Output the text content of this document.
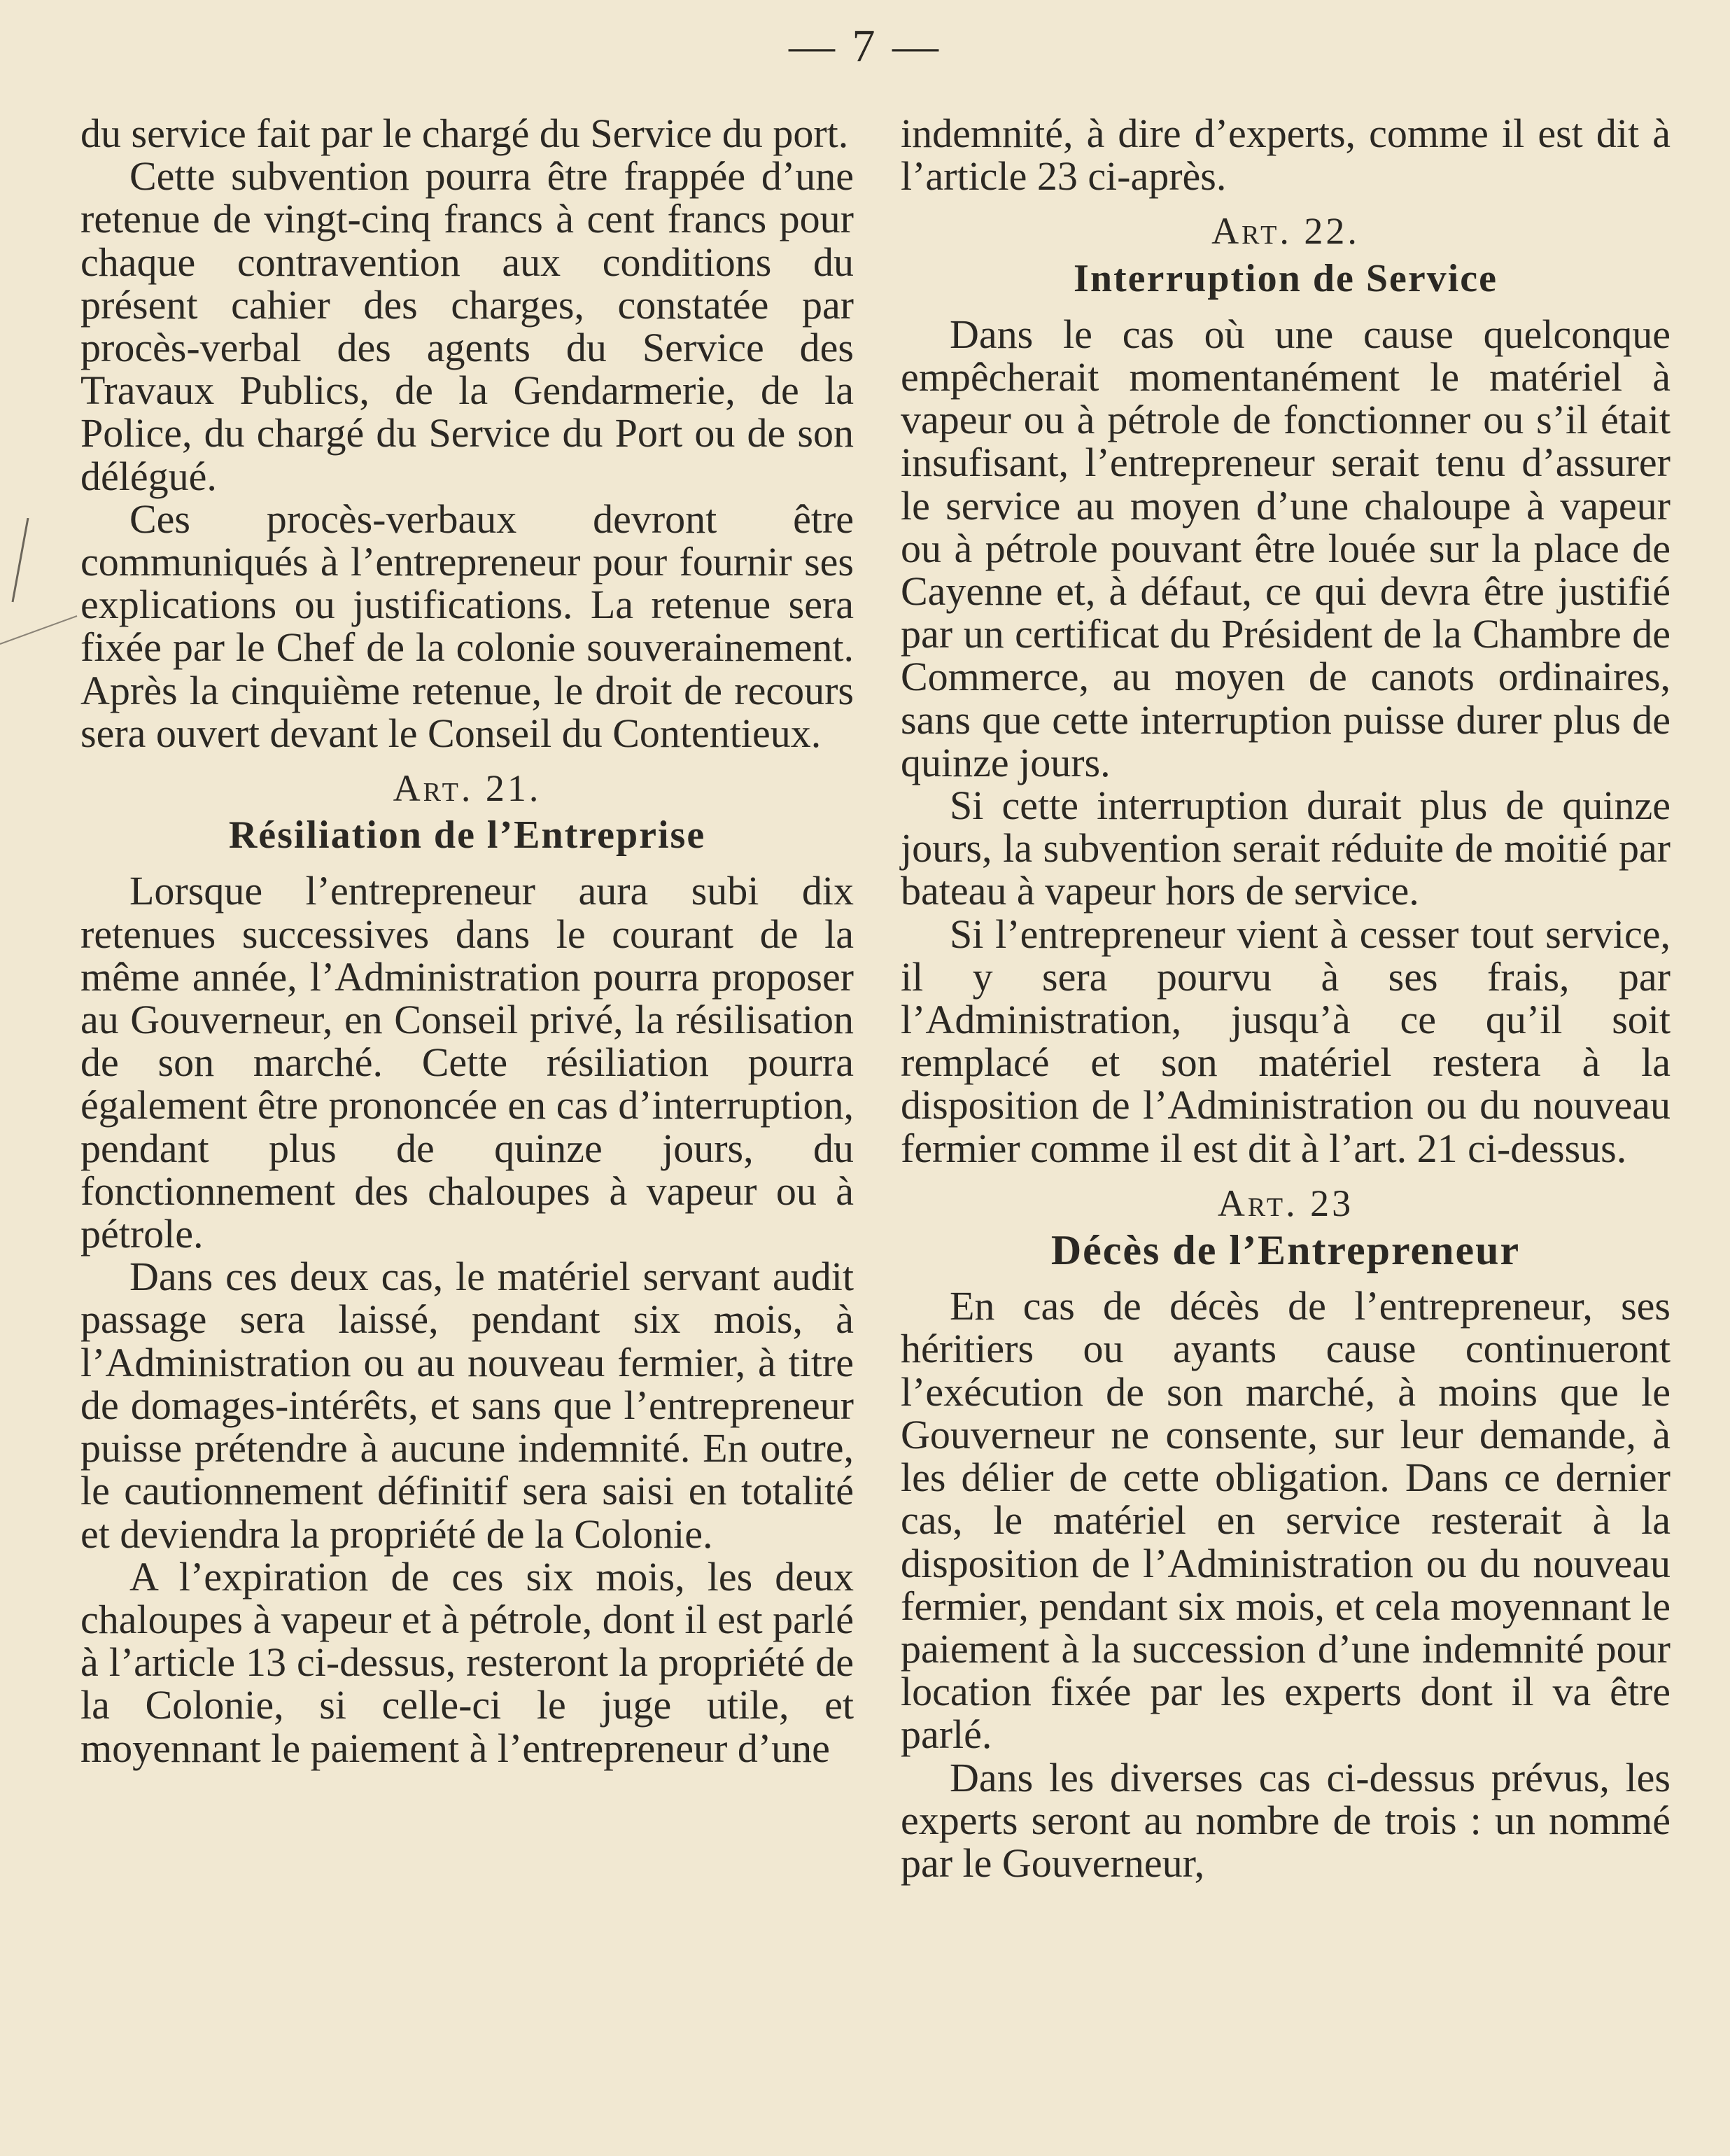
— 7 —

du service fait par le chargé du Service du port.

Cette subvention pourra être frappée d’une retenue de vingt-cinq francs à cent francs pour chaque contravention aux conditions du présent cahier des charges, constatée par procès-verbal des agents du Service des Travaux Publics, de la Gendarmerie, de la Police, du chargé du Service du Port ou de son délégué.

Ces procès-verbaux devront être communiqués à l’entrepreneur pour fournir ses explications ou justifications. La retenue sera fixée par le Chef de la colonie souverainement. Après la cinquième retenue, le droit de recours sera ouvert devant le Conseil du Contentieux.

Art. 21.
Résiliation de l’Entreprise

Lorsque l’entrepreneur aura subi dix retenues successives dans le courant de la même année, l’Administration pourra proposer au Gouverneur, en Conseil privé, la résilisation de son marché. Cette résiliation pourra également être prononcée en cas d’interruption, pendant plus de quinze jours, du fonctionnement des chaloupes à vapeur ou à pétrole.

Dans ces deux cas, le matériel servant audit passage sera laissé, pendant six mois, à l’Administration ou au nouveau fermier, à titre de domages-intérêts, et sans que l’entrepreneur puisse prétendre à aucune indemnité. En outre, le cautionnement définitif sera saisi en totalité et deviendra la propriété de la Colonie.

A l’expiration de ces six mois, les deux chaloupes à vapeur et à pétrole, dont il est parlé à l’article 13 ci-dessus, resteront la propriété de la Colonie, si celle-ci le juge utile, et moyennant le paiement à l’entrepreneur d’une

indemnité, à dire d’experts, comme il est dit à l’article 23 ci-après.

Art. 22.
Interruption de Service

Dans le cas où une cause quelconque empêcherait momentanément le matériel à vapeur ou à pétrole de fonctionner ou s’il était insufisant, l’entrepreneur serait tenu d’assurer le service au moyen d’une chaloupe à vapeur ou à pétrole pouvant être louée sur la place de Cayenne et, à défaut, ce qui devra être justifié par un certificat du Président de la Chambre de Commerce, au moyen de canots ordinaires, sans que cette interruption puisse durer plus de quinze jours.

Si cette interruption durait plus de quinze jours, la subvention serait réduite de moitié par bateau à vapeur hors de service.

Si l’entrepreneur vient à cesser tout service, il y sera pourvu à ses frais, par l’Administration, jusqu’à ce qu’il soit remplacé et son matériel restera à la disposition de l’Administration ou du nouveau fermier comme il est dit à l’art. 21 ci-dessus.

Art. 23
Décès de l’Entrepreneur

En cas de décès de l’entrepreneur, ses héritiers ou ayants cause continueront l’exécution de son marché, à moins que le Gouverneur ne consente, sur leur demande, à les délier de cette obligation. Dans ce dernier cas, le matériel en service resterait à la disposition de l’Administration ou du nouveau fermier, pendant six mois, et cela moyennant le paiement à la succession d’une indemnité pour location fixée par les experts dont il va être parlé.

Dans les diverses cas ci-dessus prévus, les experts seront au nombre de trois : un nommé par le Gouverneur,
